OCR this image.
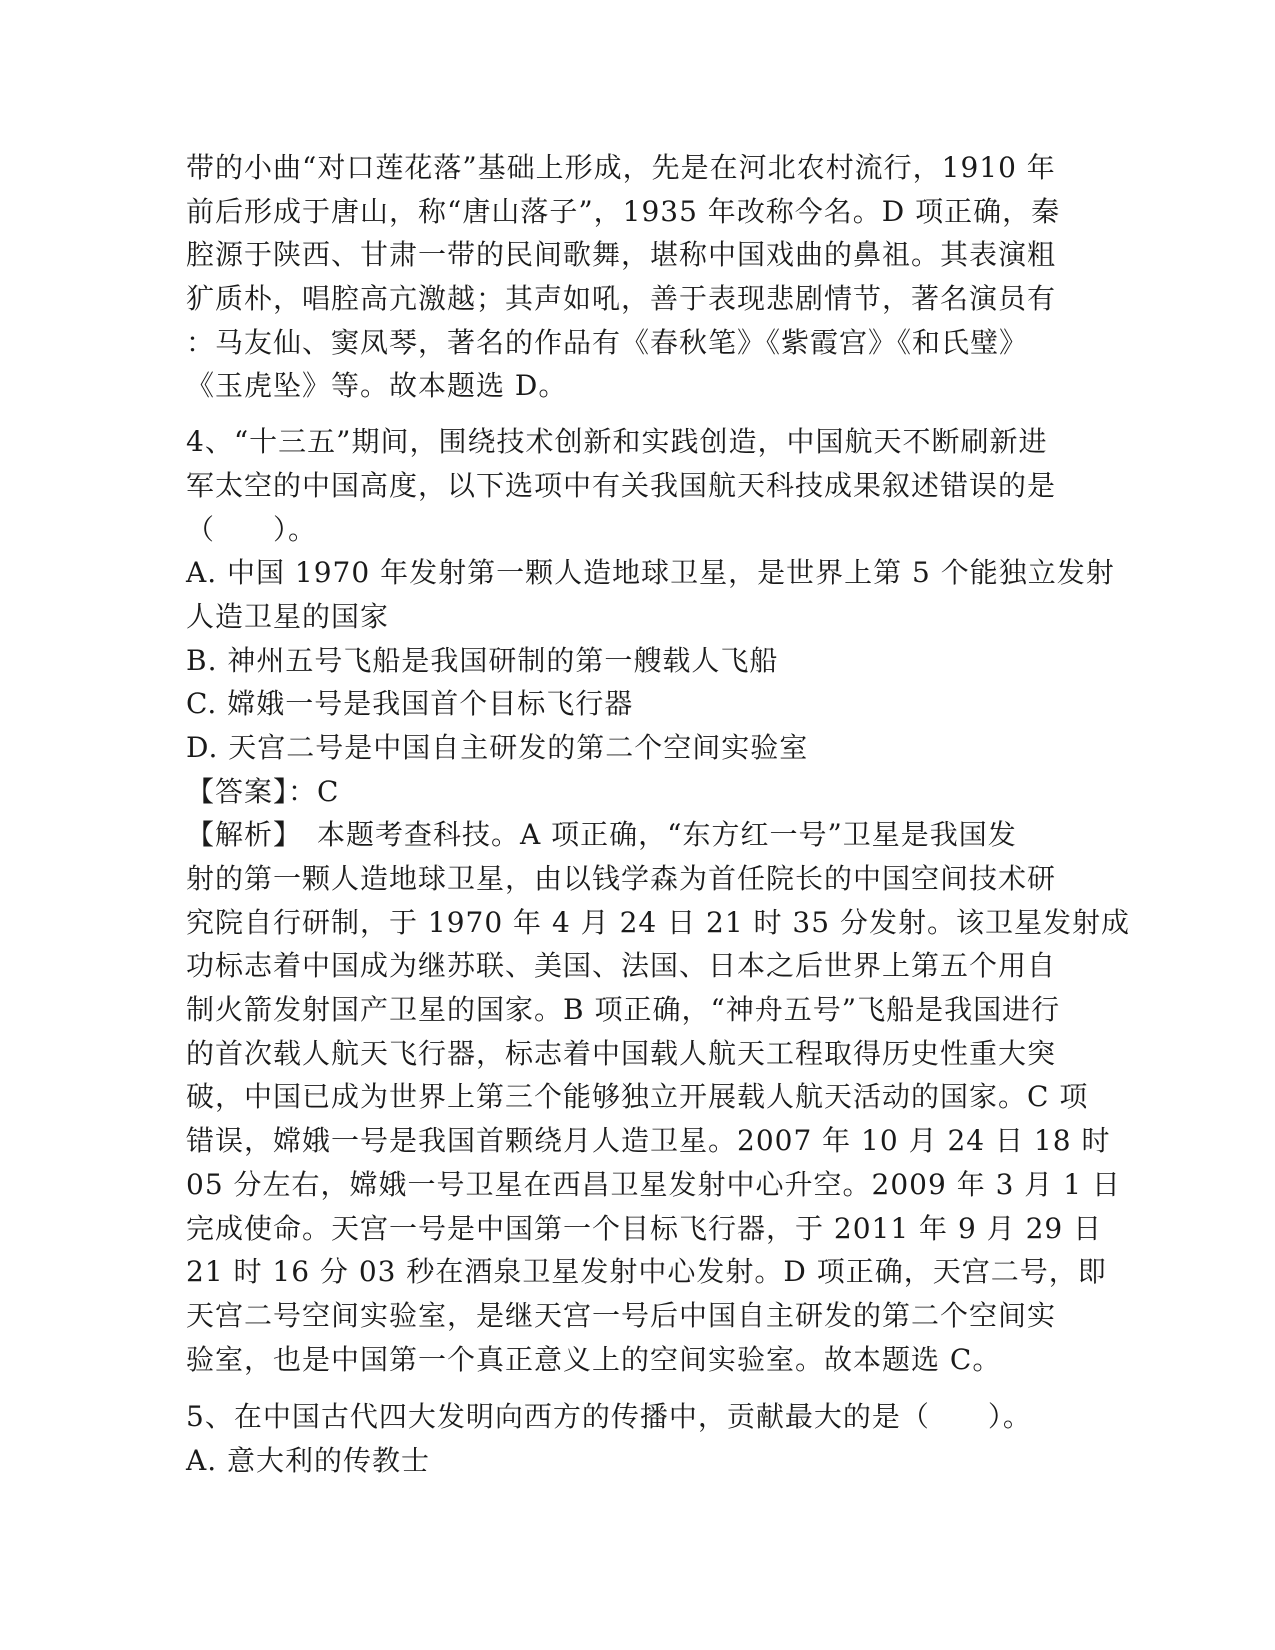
带的小曲“对口莲花落”基础上形成，先是在河北农村流行，1910 年
前后形成于唐山，称“唐山落子”，1935 年改称今名。D 项正确，秦
腔源于陕西、甘肃一带的民间歌舞，堪称中国戏曲的鼻祖。其表演粗
犷质朴，唱腔高亢激越；其声如吼，善于表现悲剧情节，著名演员有
：马友仙、窦凤琴，著名的作品有《春秋笔》《紫霞宫》《和氏璧》
《玉虎坠》等。故本题选 D。
4、“十三五”期间，围绕技术创新和实践创造，中国航天不断刷新进
军太空的中国高度，以下选项中有关我国航天科技成果叙述错误的是
（　　）。
A. 中国 1970 年发射第一颗人造地球卫星，是世界上第 5 个能独立发射
人造卫星的国家
B. 神州五号飞船是我国研制的第一艘载人飞船
C. 嫦娥一号是我国首个目标飞行器
D. 天宫二号是中国自主研发的第二个空间实验室
【答案】：C
【解析】　本题考查科技。A 项正确，“东方红一号”卫星是我国发
射的第一颗人造地球卫星，由以钱学森为首任院长的中国空间技术研
究院自行研制，于 1970 年 4 月 24 日 21 时 35 分发射。该卫星发射成
功标志着中国成为继苏联、美国、法国、日本之后世界上第五个用自
制火箭发射国产卫星的国家。B 项正确，“神舟五号”飞船是我国进行
的首次载人航天飞行器，标志着中国载人航天工程取得历史性重大突
破，中国已成为世界上第三个能够独立开展载人航天活动的国家。C 项
错误，嫦娥一号是我国首颗绕月人造卫星。2007 年 10 月 24 日 18 时
05 分左右，嫦娥一号卫星在西昌卫星发射中心升空。2009 年 3 月 1 日
完成使命。天宫一号是中国第一个目标飞行器，于 2011 年 9 月 29 日
21 时 16 分 03 秒在酒泉卫星发射中心发射。D 项正确，天宫二号，即
天宫二号空间实验室，是继天宫一号后中国自主研发的第二个空间实
验室，也是中国第一个真正意义上的空间实验室。故本题选 C。
5、在中国古代四大发明向西方的传播中，贡献最大的是（　　）。
A. 意大利的传教士
